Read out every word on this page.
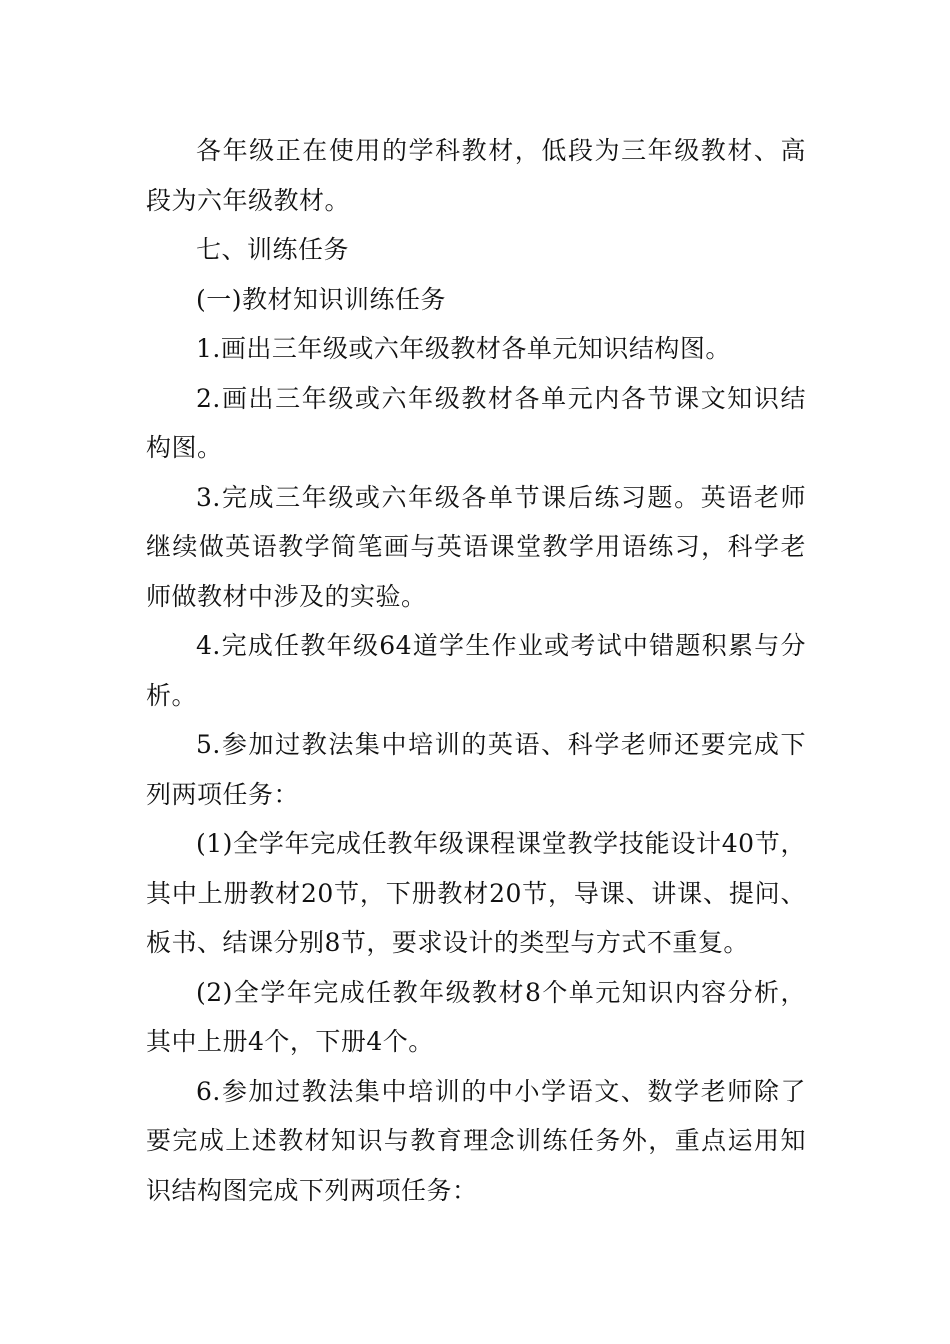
各年级正在使用的学科教材，低段为三年级教材、高段为六年级教材。

七、训练任务

(一)教材知识训练任务

1.画出三年级或六年级教材各单元知识结构图。

2.画出三年级或六年级教材各单元内各节课文知识结构图。

3.完成三年级或六年级各单节课后练习题。英语老师继续做英语教学简笔画与英语课堂教学用语练习，科学老师做教材中涉及的实验。

4.完成任教年级64道学生作业或考试中错题积累与分析。

5.参加过教法集中培训的英语、科学老师还要完成下列两项任务：

(1)全学年完成任教年级课程课堂教学技能设计40节，其中上册教材20节，下册教材20节，导课、讲课、提问、板书、结课分别8节，要求设计的类型与方式不重复。

(2)全学年完成任教年级教材8个单元知识内容分析，其中上册4个，下册4个。

6.参加过教法集中培训的中小学语文、数学老师除了要完成上述教材知识与教育理念训练任务外，重点运用知识结构图完成下列两项任务：
